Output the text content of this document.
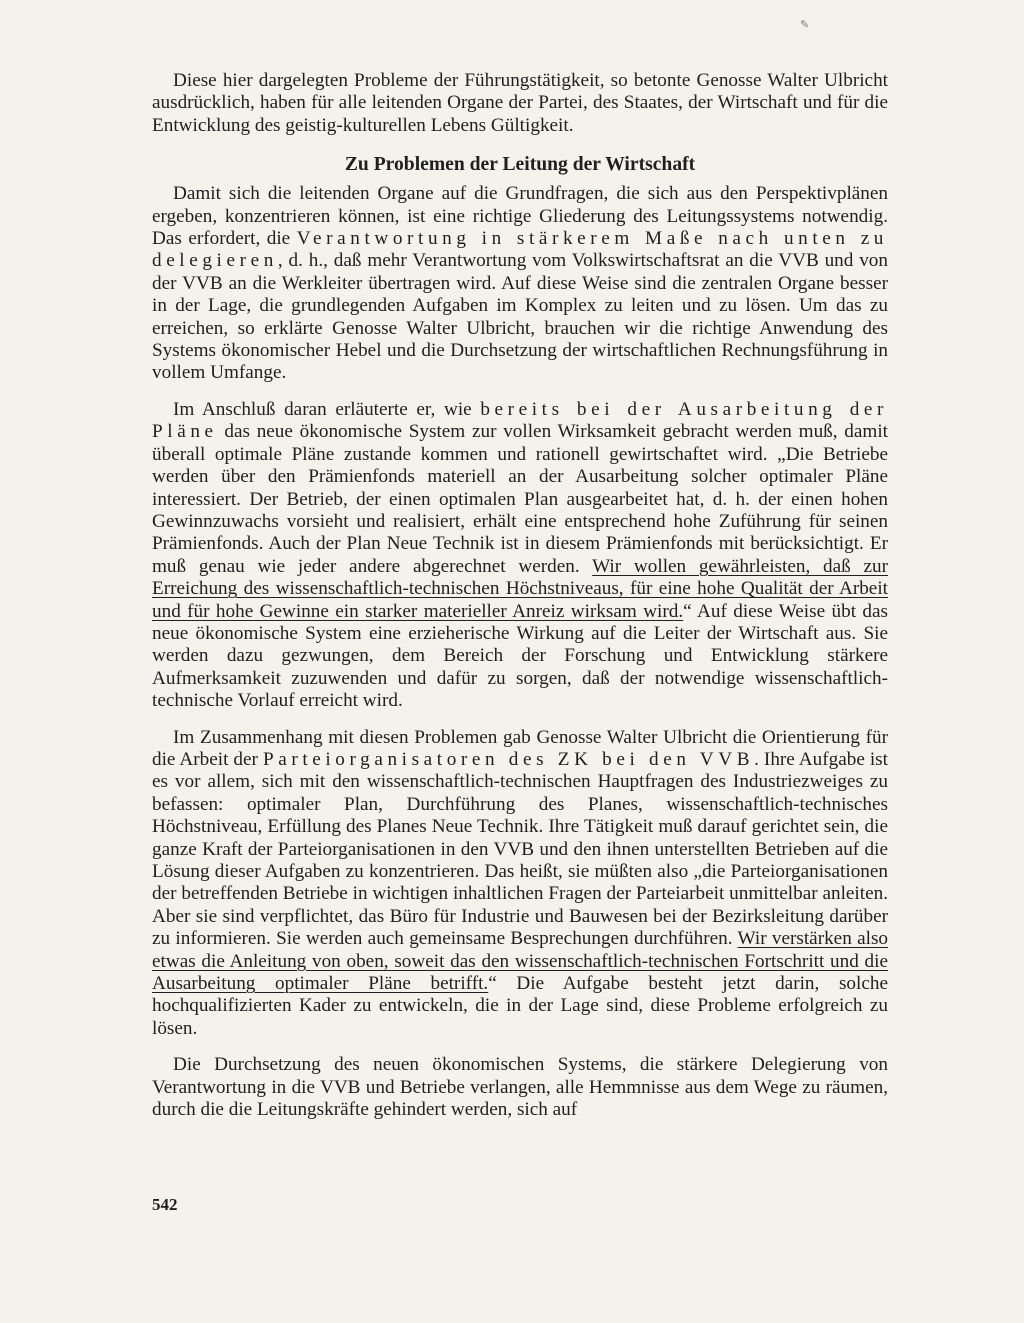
✎

Diese hier dargelegten Probleme der Führungstätigkeit, so betonte Genosse Walter Ulbricht ausdrücklich, haben für alle leitenden Organe der Partei, des Staates, der Wirtschaft und für die Entwicklung des geistig-kulturellen Lebens Gültigkeit.

Zu Problemen der Leitung der Wirtschaft

Damit sich die leitenden Organe auf die Grundfragen, die sich aus den Perspektivplänen ergeben, konzentrieren können, ist eine richtige Gliederung des Leitungssystems notwendig. Das erfordert, die Verantwortung in stärkerem Maße nach unten zu delegieren, d. h., daß mehr Verantwortung vom Volkswirtschaftsrat an die VVB und von der VVB an die Werkleiter übertragen wird. Auf diese Weise sind die zentralen Organe besser in der Lage, die grundlegenden Aufgaben im Komplex zu leiten und zu lösen. Um das zu erreichen, so erklärte Genosse Walter Ulbricht, brauchen wir die richtige Anwendung des Systems ökonomischer Hebel und die Durchsetzung der wirtschaftlichen Rechnungsführung in vollem Umfange.

Im Anschluß daran erläuterte er, wie bereits bei der Ausarbeitung der Pläne das neue ökonomische System zur vollen Wirksamkeit gebracht werden muß, damit überall optimale Pläne zustande kommen und rationell gewirtschaftet wird. „Die Betriebe werden über den Prämienfonds materiell an der Ausarbeitung solcher optimaler Pläne interessiert. Der Betrieb, der einen optimalen Plan ausgearbeitet hat, d. h. der einen hohen Gewinnzuwachs vorsieht und realisiert, erhält eine entsprechend hohe Zuführung für seinen Prämienfonds. Auch der Plan Neue Technik ist in diesem Prämienfonds mit berücksichtigt. Er muß genau wie jeder andere abgerechnet werden. Wir wollen gewährleisten, daß zur Erreichung des wissenschaftlich-technischen Höchstniveaus, für eine hohe Qualität der Arbeit und für hohe Gewinne ein starker materieller Anreiz wirksam wird.“ Auf diese Weise übt das neue ökonomische System eine erzieherische Wirkung auf die Leiter der Wirtschaft aus. Sie werden dazu gezwungen, dem Bereich der Forschung und Entwicklung stärkere Aufmerksamkeit zuzuwenden und dafür zu sorgen, daß der notwendige wissenschaftlich-technische Vorlauf erreicht wird.

Im Zusammenhang mit diesen Problemen gab Genosse Walter Ulbricht die Orientierung für die Arbeit der Parteiorganisatoren des ZK bei den VVB. Ihre Aufgabe ist es vor allem, sich mit den wissenschaftlich-technischen Hauptfragen des Industriezweiges zu befassen: optimaler Plan, Durchführung des Planes, wissenschaftlich-technisches Höchstniveau, Erfüllung des Planes Neue Technik. Ihre Tätigkeit muß darauf gerichtet sein, die ganze Kraft der Parteiorganisationen in den VVB und den ihnen unterstellten Betrieben auf die Lösung dieser Aufgaben zu konzentrieren. Das heißt, sie müßten also „die Parteiorganisationen der betreffenden Betriebe in wichtigen inhaltlichen Fragen der Parteiarbeit unmittelbar anleiten. Aber sie sind verpflichtet, das Büro für Industrie und Bauwesen bei der Bezirksleitung darüber zu informieren. Sie werden auch gemeinsame Besprechungen durchführen. Wir verstärken also etwas die Anleitung von oben, soweit das den wissenschaftlich-technischen Fortschritt und die Ausarbeitung optimaler Pläne betrifft.“ Die Aufgabe besteht jetzt darin, solche hochqualifizierten Kader zu entwickeln, die in der Lage sind, diese Probleme erfolgreich zu lösen.

Die Durchsetzung des neuen ökonomischen Systems, die stärkere Delegierung von Verantwortung in die VVB und Betriebe verlangen, alle Hemmnisse aus dem Wege zu räumen, durch die die Leitungskräfte gehindert werden, sich auf

542
